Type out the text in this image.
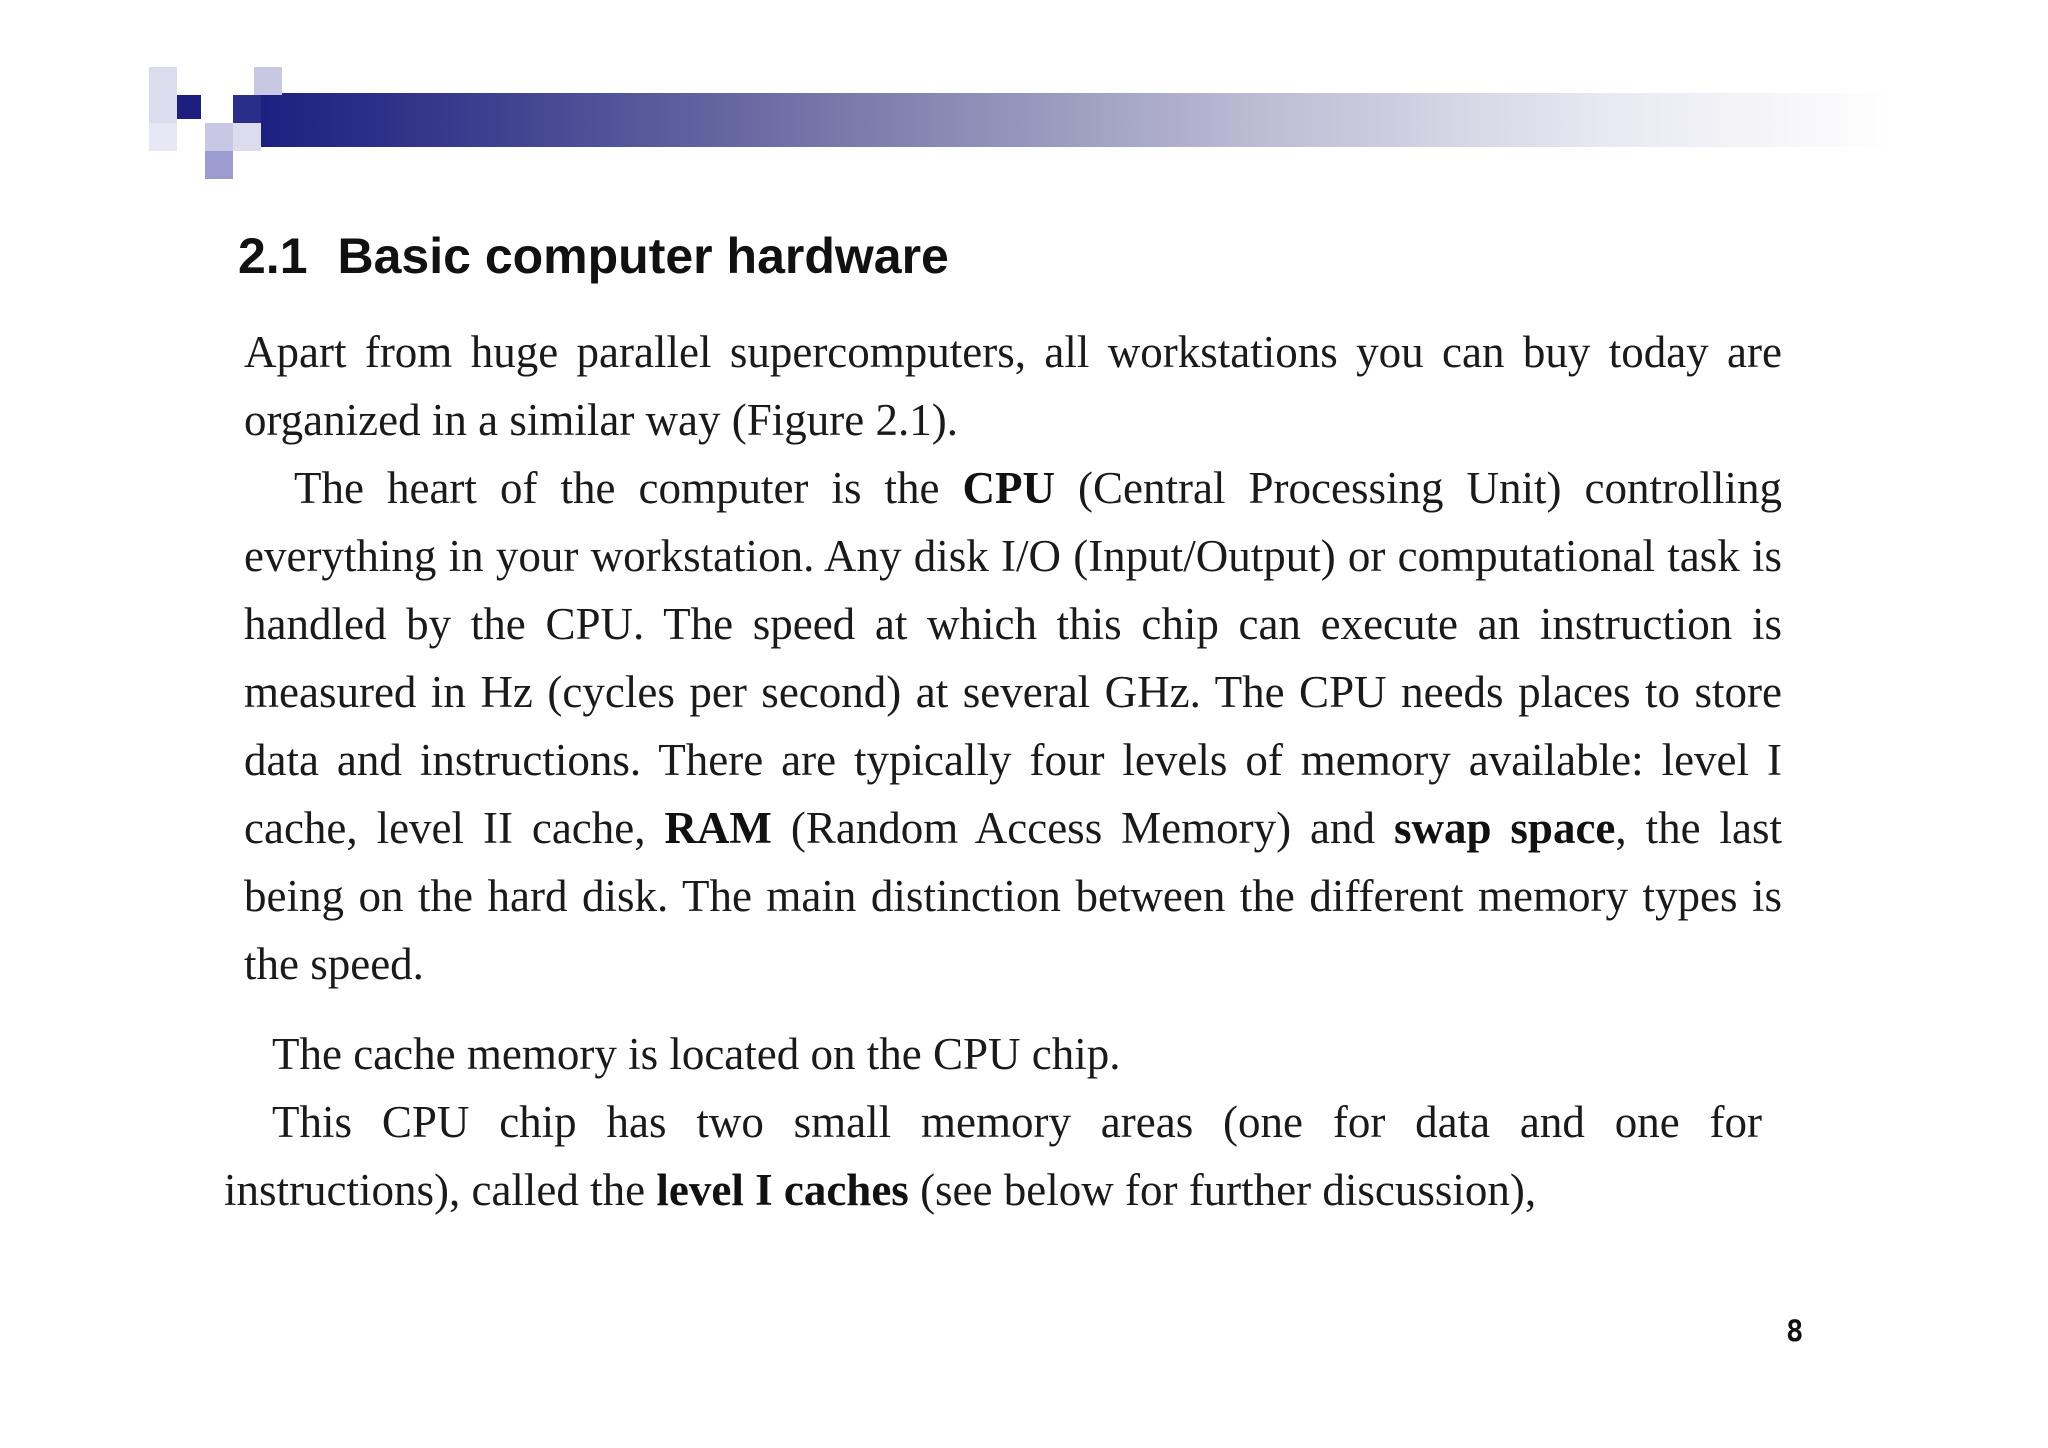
2.1 Basic computer hardware
Apart from huge parallel supercomputers, all workstations you can buy today are organized in a similar way (Figure 2.1).
The heart of the computer is the CPU (Central Processing Unit) controlling everything in your workstation. Any disk I/O (Input/Output) or computational task is handled by the CPU. The speed at which this chip can execute an instruction is measured in Hz (cycles per second) at several GHz. The CPU needs places to store data and instructions. There are typically four levels of memory available: level I cache, level II cache, RAM (Random Access Memory) and swap space, the last being on the hard disk. The main distinction between the different memory types is the speed.
The cache memory is located on the CPU chip.
This CPU chip has two small memory areas (one for data and one for instructions), called the level I caches (see below for further discussion),
8
